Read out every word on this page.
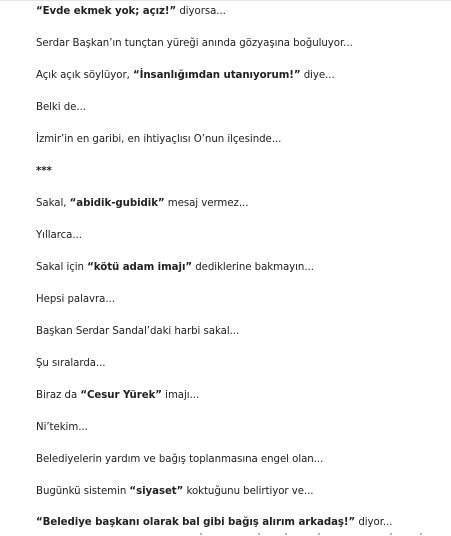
“Evde ekmek yok; açız!” diyorsa...

Serdar Başkan’ın tunçtan yüreği anında gözyaşına boğuluyor...

Açık açık söylüyor, “İnsanlığımdan utanıyorum!” diye...

Belki de...

İzmir’in en garibi, en ihtiyaçlısı O’nun ilçesinde...

***

Sakal, “abidik-gubidik” mesaj vermez...

Yıllarca...

Sakal için “kötü adam imajı” dediklerine bakmayın...

Hepsi palavra...

Başkan Serdar Sandal’daki harbi sakal...

Şu sıralarda...

Biraz da “Cesur Yürek” imajı...

Ni’tekim...

Belediyelerin yardım ve bağış toplanmasına engel olan...

Bugünkü sistemin “siyaset” koktuğunu belirtiyor ve...

“Belediye başkanı olarak bal gibi bağış alırım arkadaş!” diyor...
